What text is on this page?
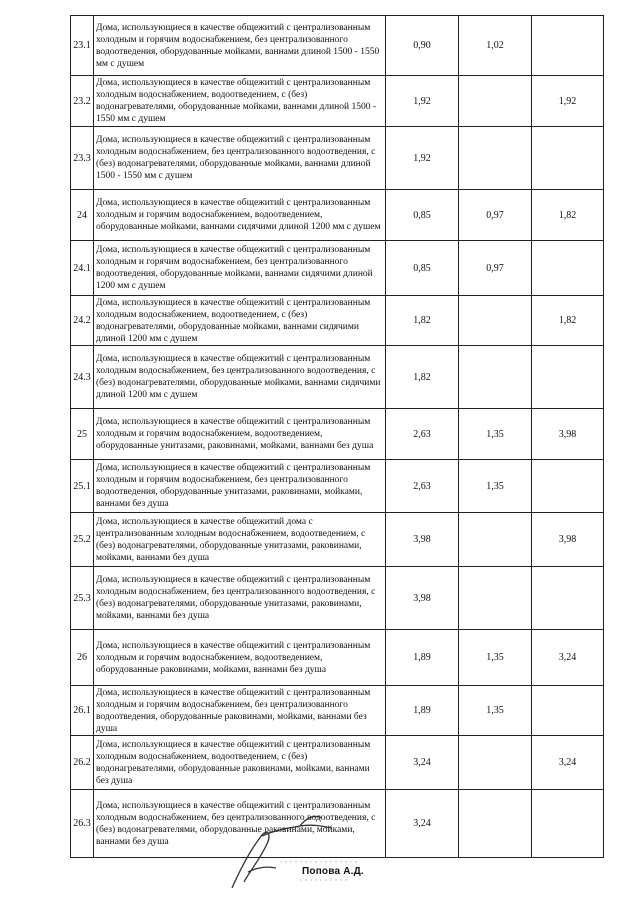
23.1	Дома, использующиеся в качестве общежитий с централизованным холодным и горячим водоснабжением, без централизованного водоотведения, оборудованные мойками, ваннами длиной 1500 - 1550 мм с душем	0,90	1,02	
23.2	Дома, использующиеся в качестве общежитий с централизованным холодным водоснабжением, водоотведением, с (без) водонагревателями, оборудованные мойками, ваннами длиной 1500 - 1550 мм с душем	1,92		1,92
23.3	Дома, использующиеся в качестве общежитий с централизованным холодным водоснабжением, без централизованного водоотведения, с (без) водонагревателями, оборудованные мойками, ваннами длиной 1500 - 1550 мм с душем	1,92		
24	Дома, использующиеся в качестве общежитий с централизованным холодным и горячим водоснабжением, водоотведением, оборудованные мойками, ваннами сидячими длиной 1200 мм с душем	0,85	0,97	1,82
24.1	Дома, использующиеся в качестве общежитий с централизованным холодным и горячим водоснабжением, без централизованного водоотведения, оборудованные мойками, ваннами сидячими длиной 1200 мм с душем	0,85	0,97	
24.2	Дома, использующиеся в качестве общежитий с централизованным холодным водоснабжением, водоотведением, с (без) водонагревателями, оборудованные мойками, ваннами сидячими длиной 1200 мм с душем	1,82		1,82
24.3	Дома, использующиеся в качестве общежитий с централизованным холодным водоснабжением, без централизованного водоотведения, с (без) водонагревателями, оборудованные мойками, ваннами сидячими длиной 1200 мм с душем	1,82		
25	Дома, использующиеся в качестве общежитий с централизованным холодным и горячим водоснабжением, водоотведением, оборудованные унитазами, раковинами, мойками, ваннами без душа	2,63	1,35	3,98
25.1	Дома, использующиеся в качестве общежитий с централизованным холодным и горячим водоснабжением, без централизованного водоотведения, оборудованные унитазами, раковинами, мойками, ваннами без душа	2,63	1,35	
25.2	Дома, использующиеся в качестве общежитий дома с централизованным холодным водоснабжением, водоотведением, с (без) водонагревателями, оборудованные унитазами, раковинами, мойками, ваннами без душа	3,98		3,98
25.3	Дома, использующиеся в качестве общежитий с централизованным холодным водоснабжением, без централизованного водоотведения, с (без) водонагревателями, оборудованные унитазами, раковинами, мойками, ваннами без душа	3,98		
26	Дома, использующиеся в качестве общежитий с централизованным холодным и горячим водоснабжением, водоотведением, оборудованные раковинами, мойками, ваннами без душа	1,89	1,35	3,24
26.1	Дома, использующиеся в качестве общежитий с централизованным холодным и горячим водоснабжением, без централизованного водоотведения, оборудованные раковинами, мойками, ваннами без душа	1,89	1,35	
26.2	Дома, использующиеся в качестве общежитий с централизованным холодным водоснабжением, водоотведением, с (без) водонагревателями, оборудованные раковинами, мойками, ваннами без душа	3,24		3,24
26.3	Дома, использующиеся в качестве общежитий с централизованным холодным водоснабжением, без централизованного водоотведения, с (без) водонагревателями, оборудованные раковинами, мойками, ваннами без душа	3,24		
Попова А.Д.
